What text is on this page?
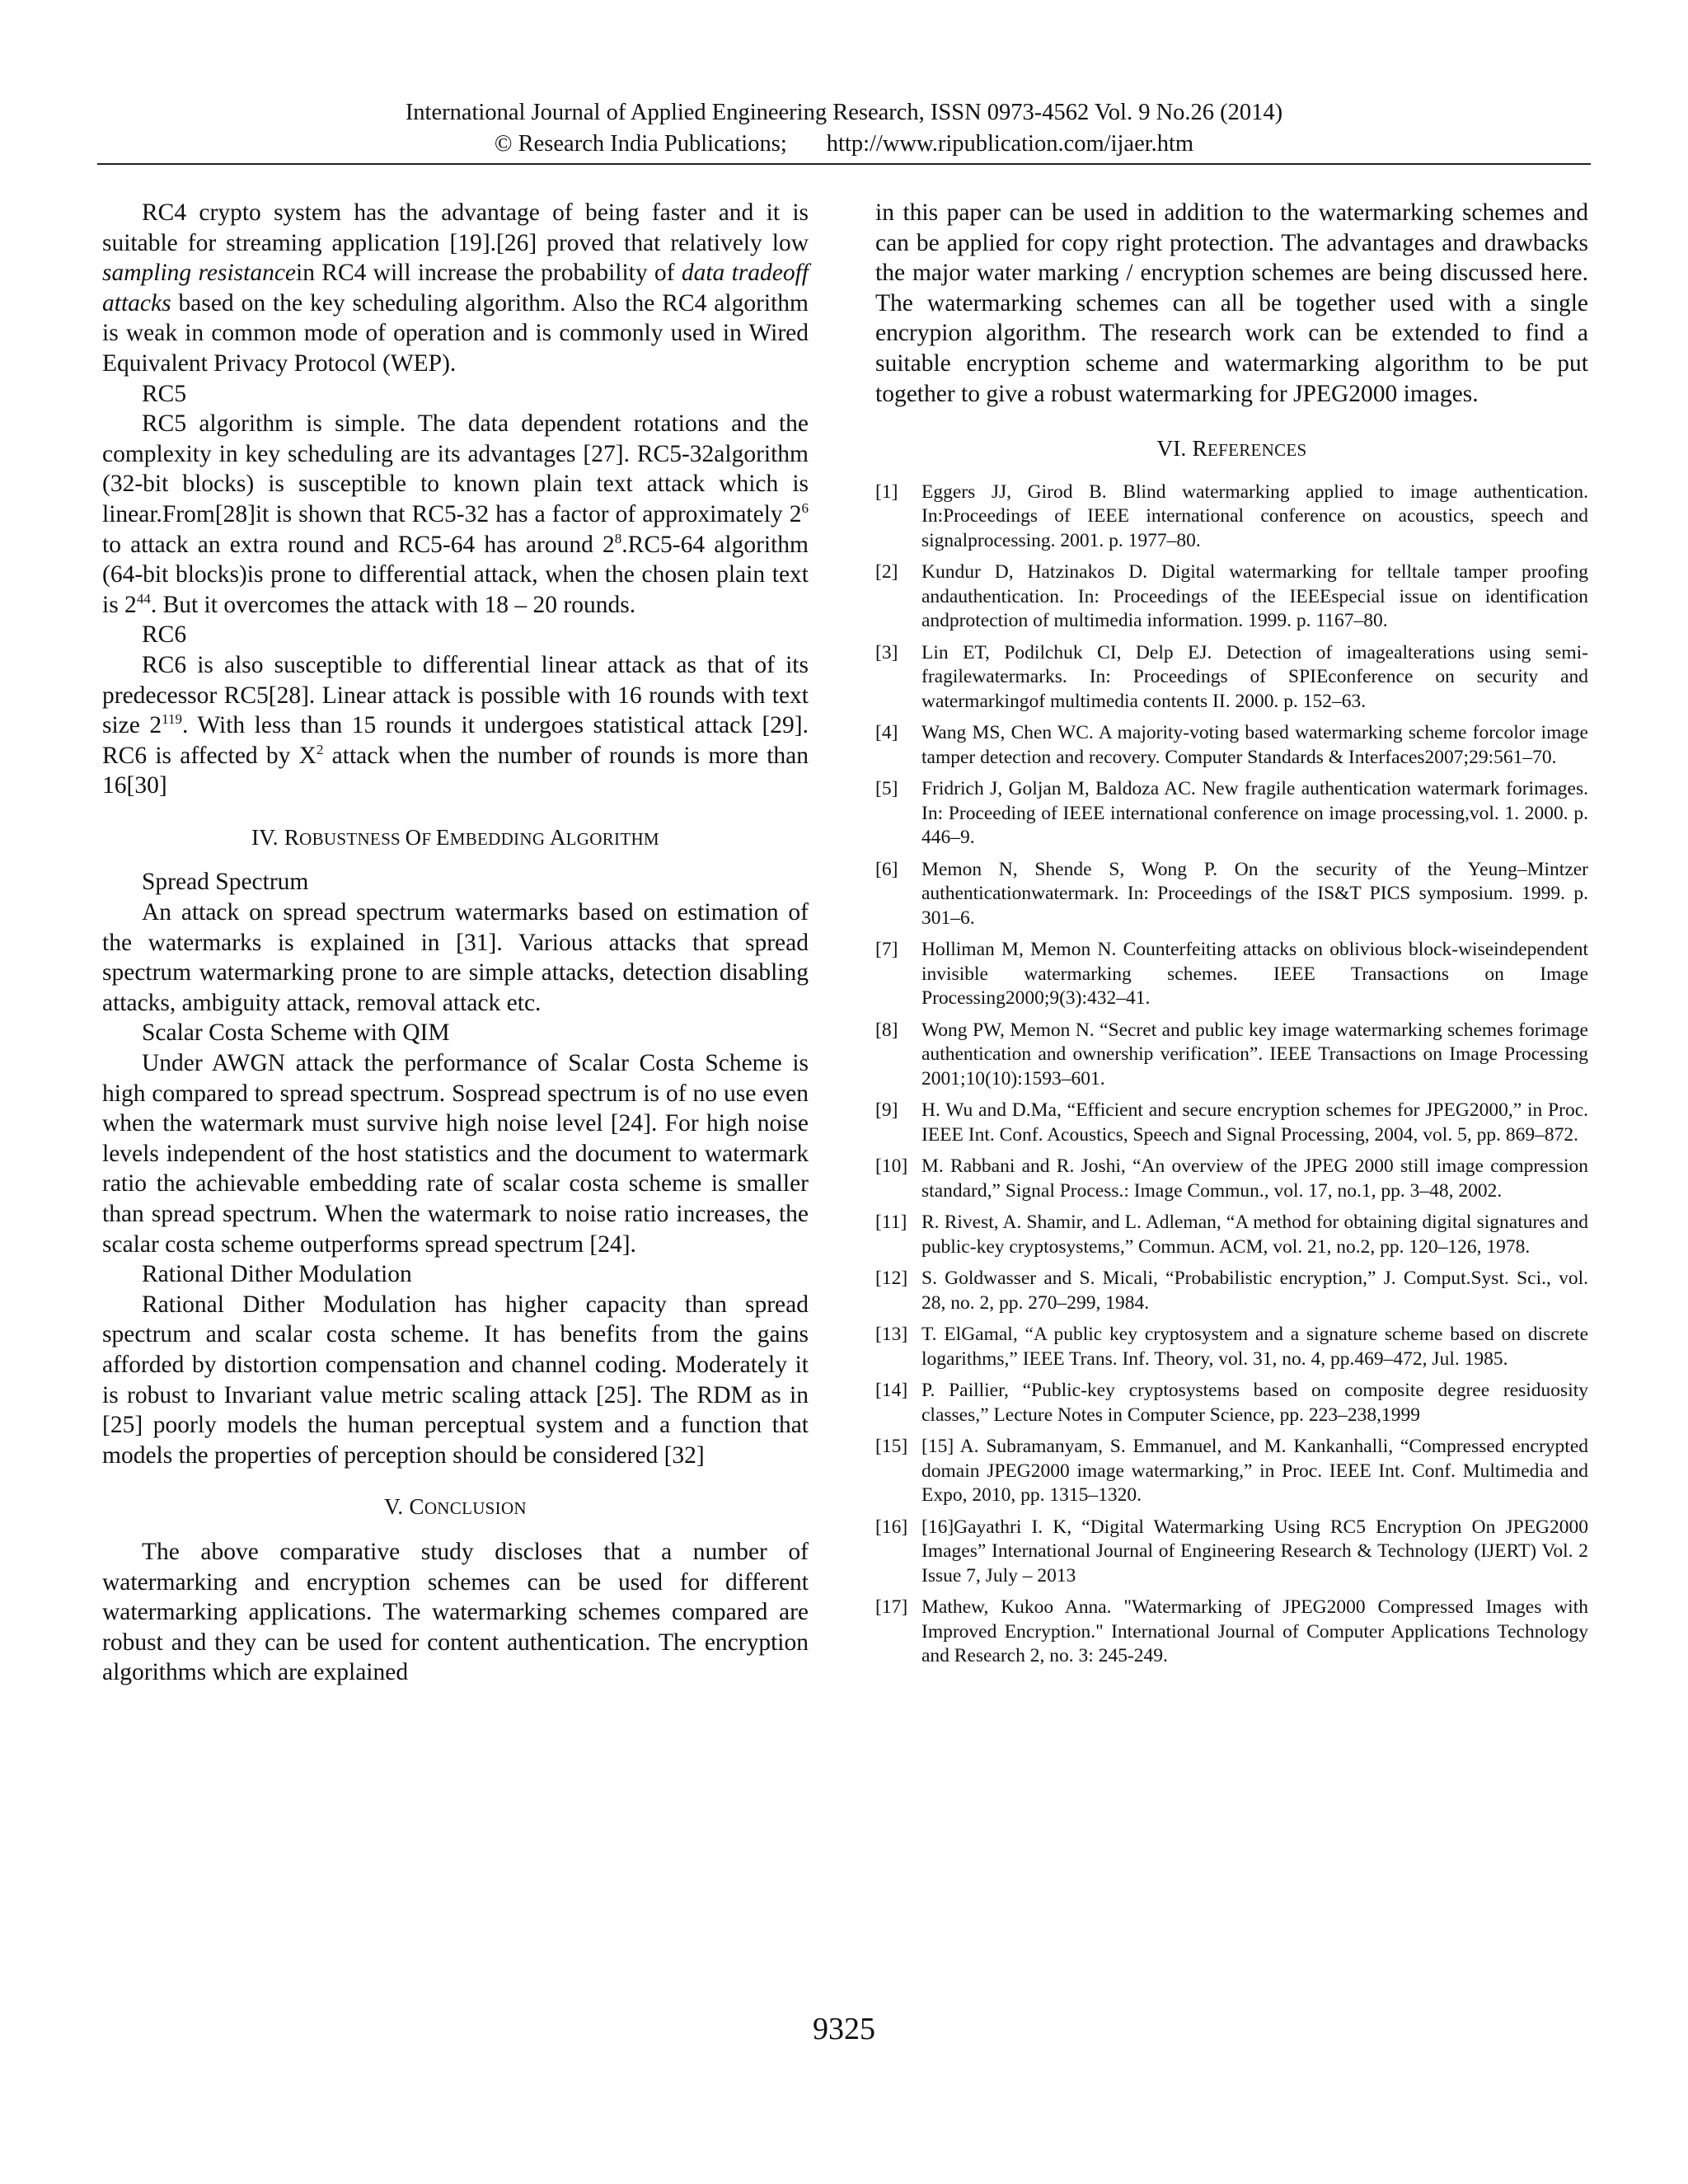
International Journal of Applied Engineering Research, ISSN 0973-4562 Vol. 9 No.26 (2014)
© Research India Publications; http://www.ripublication.com/ijaer.htm

RC4 crypto system has the advantage of being faster and it is suitable for streaming application [19].[26] proved that relatively low sampling resistancein RC4 will increase the probability of data tradeoff attacks based on the key scheduling algorithm. Also the RC4 algorithm is weak in common mode of operation and is commonly used in Wired Equivalent Privacy Protocol (WEP).

RC5

RC5 algorithm is simple. The data dependent rotations and the complexity in key scheduling are its advantages [27]. RC5-32algorithm (32-bit blocks) is susceptible to known plain text attack which is linear.From[28]it is shown that RC5-32 has a factor of approximately $2^6$ to attack an extra round and RC5-64 has around $2^8.RC5-64$ algorithm (64-bit blocks)is prone to differential attack, when the chosen plain text is $2^{44}$. But it overcomes the attack with 18 – 20 rounds.

RC6

RC6 is also susceptible to differential linear attack as that of its predecessor RC5[28]. Linear attack is possible with 16 rounds with text size $2^{119}$. With less than 15 rounds it undergoes statistical attack [29]. RC6 is affected by $X^2$ attack when the number of rounds is more than 16[30]

IV. ROBUSTNESS OF EMBEDDING ALGORITHM

Spread Spectrum

An attack on spread spectrum watermarks based on estimation of the watermarks is explained in [31]. Various attacks that spread spectrum watermarking prone to are simple attacks, detection disabling attacks, ambiguity attack, removal attack etc.

Scalar Costa Scheme with QIM

Under AWGN attack the performance of Scalar Costa Scheme is high compared to spread spectrum. Sospread spectrum is of no use even when the watermark must survive high noise level [24]. For high noise levels independent of the host statistics and the document to watermark ratio the achievable embedding rate of scalar costa scheme is smaller than spread spectrum. When the watermark to noise ratio increases, the scalar costa scheme outperforms spread spectrum [24].

Rational Dither Modulation

Rational Dither Modulation has higher capacity than spread spectrum and scalar costa scheme. It has benefits from the gains afforded by distortion compensation and channel coding. Moderately it is robust to Invariant value metric scaling attack [25]. The RDM as in [25] poorly models the human perceptual system and a function that models the properties of perception should be considered [32]

V. CONCLUSION

The above comparative study discloses that a number of watermarking and encryption schemes can be used for different watermarking applications. The watermarking schemes compared are robust and they can be used for content authentication. The encryption algorithms which are explained

in this paper can be used in addition to the watermarking schemes and can be applied for copy right protection. The advantages and drawbacks the major water marking / encryption schemes are being discussed here. The watermarking schemes can all be together used with a single encrypion algorithm. The research work can be extended to find a suitable encryption scheme and watermarking algorithm to be put together to give a robust watermarking for JPEG2000 images.

VI. REFERENCES
[1]	Eggers JJ, Girod B. Blind watermarking applied to image authentication. In:Proceedings of IEEE international conference on acoustics, speech and signalprocessing. 2001. p. 1977–80.
[2]	Kundur D, Hatzinakos D. Digital watermarking for telltale tamper proofing andauthentication. In: Proceedings of the IEEEspecial issue on identification andprotection of multimedia information. 1999. p. 1167–80.
[3]	Lin ET, Podilchuk CI, Delp EJ. Detection of imagealterations using semi-fragilewatermarks. In: Proceedings of SPIEconference on security and watermarkingof multimedia contents II. 2000. p. 152–63.
[4]	Wang MS, Chen WC. A majority-voting based watermarking scheme forcolor image tamper detection and recovery. Computer Standards & Interfaces2007;29:561–70.
[5]	Fridrich J, Goljan M, Baldoza AC. New fragile authentication watermark forimages. In: Proceeding of IEEE international conference on image processing,vol. 1. 2000. p. 446–9.
[6]	Memon N, Shende S, Wong P. On the security of the Yeung–Mintzer authenticationwatermark. In: Proceedings of the IS&T PICS symposium. 1999. p. 301–6.
[7]	Holliman M, Memon N. Counterfeiting attacks on oblivious block-wiseindependent invisible watermarking schemes. IEEE Transactions on Image Processing2000;9(3):432–41.
[8]	Wong PW, Memon N. “Secret and public key image watermarking schemes forimage authentication and ownership verification”. IEEE Transactions on Image Processing 2001;10(10):1593–601.
[9]	H. Wu and D.Ma, “Efficient and secure encryption schemes for JPEG2000,” in Proc. IEEE Int. Conf. Acoustics, Speech and Signal Processing, 2004, vol. 5, pp. 869–872.
[10] M. Rabbani and R. Joshi, “An overview of the JPEG 2000 still image compression standard,” Signal Process.: Image Commun., vol. 17, no.1, pp. 3–48, 2002.
[11] R. Rivest, A. Shamir, and L. Adleman, “A method for obtaining digital signatures and public-key cryptosystems,” Commun. ACM, vol. 21, no.2, pp. 120–126, 1978.
[12] S. Goldwasser and S. Micali, “Probabilistic encryption,” J. Comput.Syst. Sci., vol. 28, no. 2, pp. 270–299, 1984.
[13] T. ElGamal, “A public key cryptosystem and a signature scheme based on discrete logarithms,” IEEE Trans. Inf. Theory, vol. 31, no. 4, pp.469–472, Jul. 1985.
[14] P. Paillier, “Public-key cryptosystems based on composite degree residuosity classes,” Lecture Notes in Computer Science, pp. 223–238,1999
[15] [15] A. Subramanyam, S. Emmanuel, and M. Kankanhalli, “Compressed encrypted domain JPEG2000 image watermarking,” in Proc. IEEE Int. Conf. Multimedia and Expo, 2010, pp. 1315–1320.
[16] [16]Gayathri I. K, “Digital Watermarking Using RC5 Encryption On JPEG2000 Images” International Journal of Engineering Research & Technology (IJERT) Vol. 2 Issue 7, July – 2013
[17] Mathew, Kukoo Anna. "Watermarking of JPEG2000 Compressed Images with Improved Encryption." International Journal of Computer Applications Technology and Research 2, no. 3: 245-249.
9325
